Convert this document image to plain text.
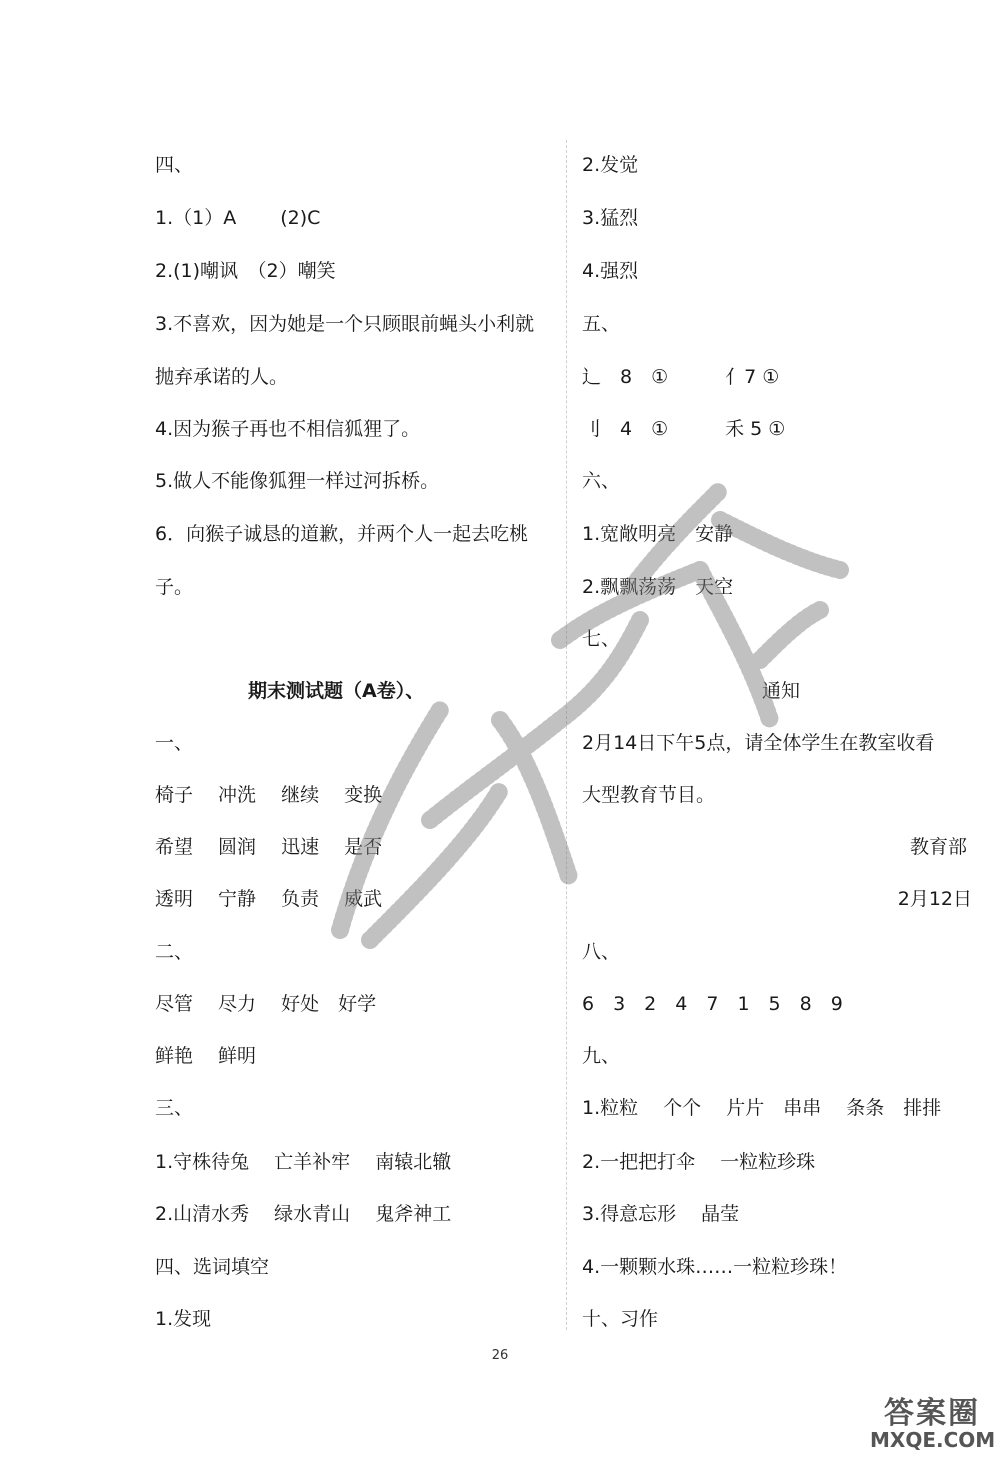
四、
1.（1）A　　 (2)C
2.(1)嘲讽　（2）嘲笑
3.不喜欢，因为她是一个只顾眼前蝇头小利就
抛弃承诺的人。
4.因为猴子再也不相信狐狸了。
5.做人不能像狐狸一样过河拆桥。
6．向猴子诚恳的道歉，并两个人一起去吃桃
子。
期末测试题（A卷）、
一、
椅子　 冲洗　 继续　 变换
希望　 圆润　 迅速　 是否
透明　 宁静　 负责　 威武
二、
尽管　 尽力　 好处　好学
鲜艳　 鲜明
三、
1.守株待兔　 亡羊补牢　 南辕北辙
2.山清水秀　 绿水青山　 鬼斧神工
四、选词填空
1.发现
2.发觉
3.猛烈
4.强烈
五、
辶　8　①　　　亻7 ①
刂　4　①　　　禾 5 ①
六、
1.宽敞明亮　安静
2.飘飘荡荡　天空
七、
通知
2月14日下午5点，请全体学生在教室收看
大型教育节目。
教育部
2月12日
八、
6　3　2　4　7　1　5　8　9
九、
1.粒粒　 个个　 片片　串串　 条条　排排
2.一把把打伞　 一粒粒珍珠
3.得意忘形　 晶莹
4.一颗颗水珠……一粒粒珍珠！
十、习作
26
答案圈
MXQE.COM
